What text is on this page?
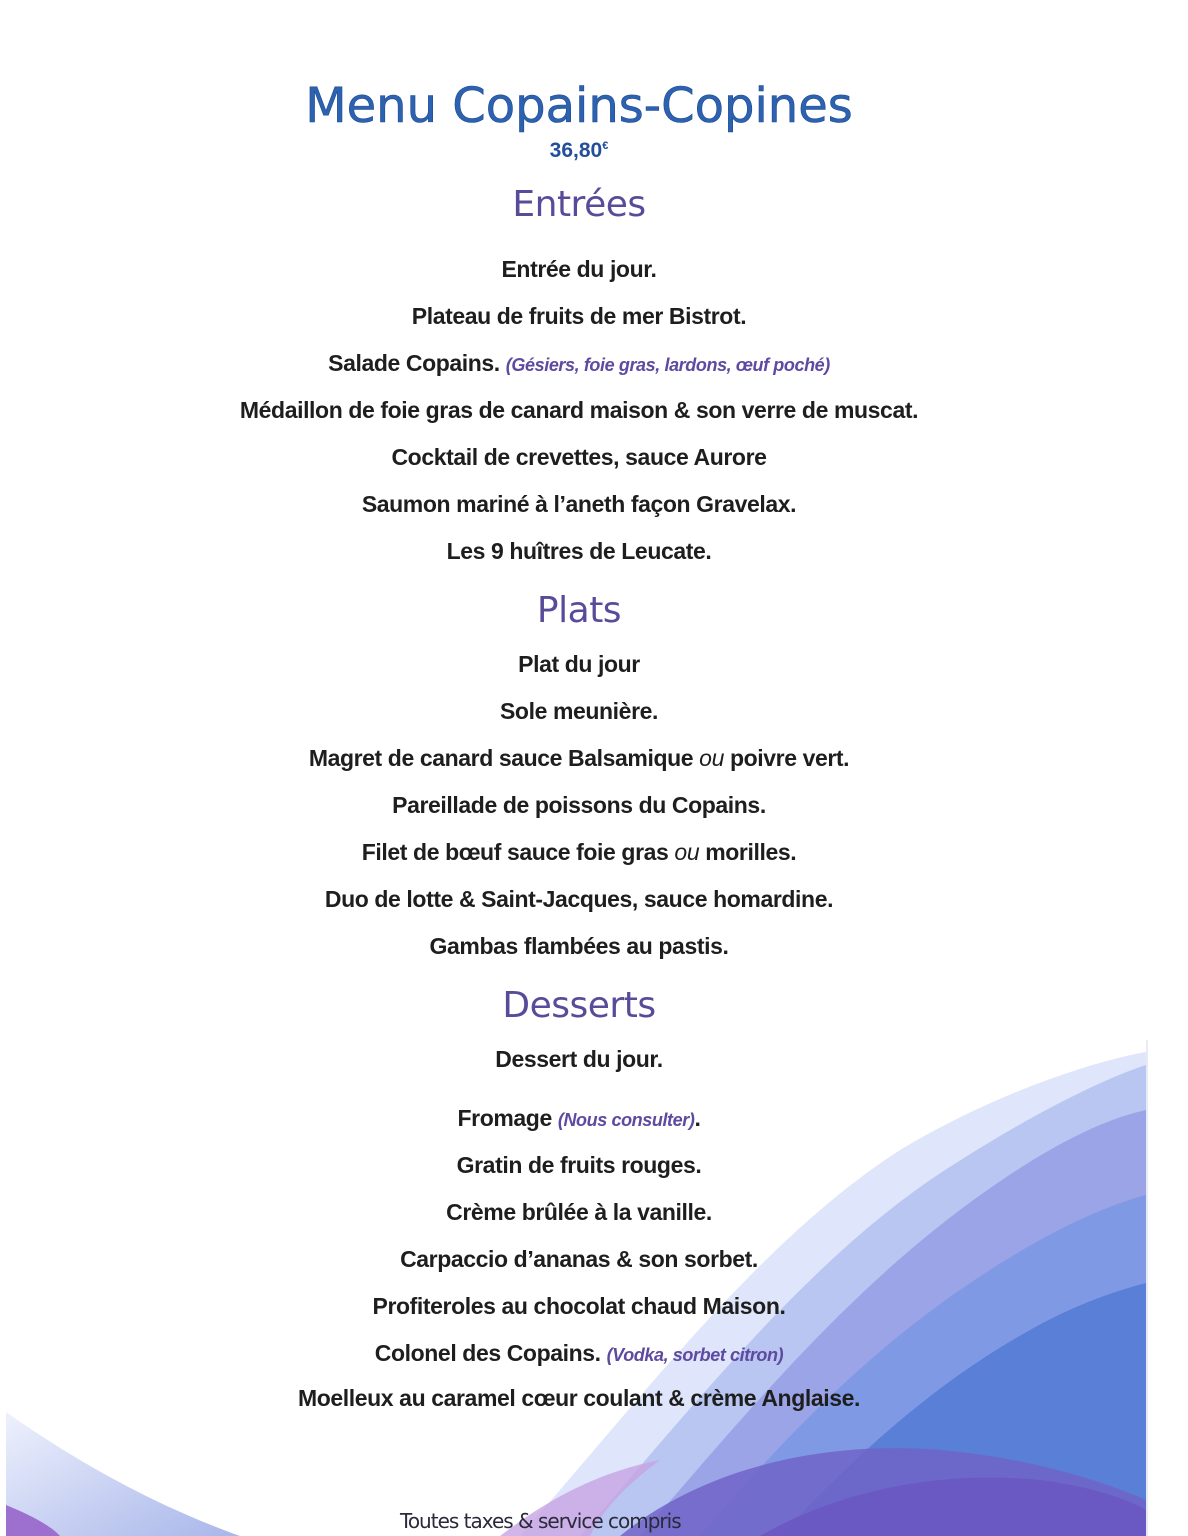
Menu Copains-Copines
36,80€
Entrées
Entrée du jour.
Plateau de fruits de mer Bistrot.
Salade Copains. (Gésiers, foie gras, lardons, œuf poché)
Médaillon de foie gras de canard maison & son verre de muscat.
Cocktail de crevettes, sauce Aurore
Saumon mariné à l’aneth façon Gravelax.
Les 9 huîtres de Leucate.
Plats
Plat du jour
Sole meunière.
Magret de canard sauce Balsamique ou poivre vert.
Pareillade de poissons du Copains.
Filet de bœuf sauce foie gras ou morilles.
Duo de lotte & Saint-Jacques, sauce homardine.
Gambas flambées au pastis.
Desserts
Dessert du jour.
Fromage (Nous consulter).
Gratin de fruits rouges.
Crème brûlée à la vanille.
Carpaccio d’ananas & son sorbet.
Profiteroles au chocolat chaud Maison.
Colonel des Copains. (Vodka, sorbet citron)
Moelleux au caramel cœur coulant & crème Anglaise.
Toutes taxes & service compris
